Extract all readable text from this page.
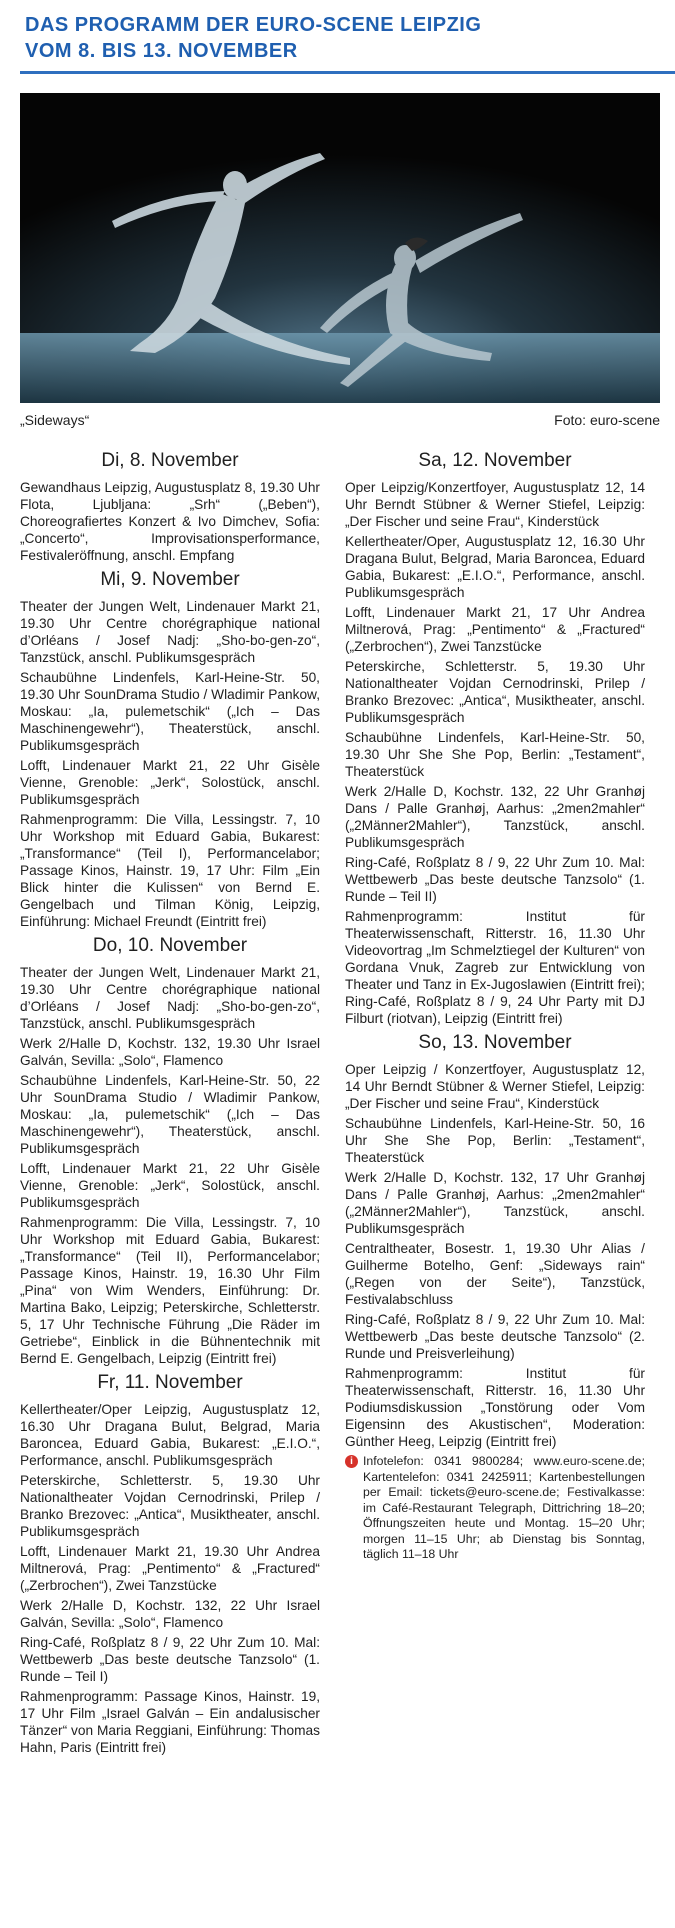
DAS PROGRAMM DER EURO-SCENE LEIPZIG
VOM 8. BIS 13. NOVEMBER
„Sideways“	Foto: euro-scene
Di, 8. November

Gewandhaus Leipzig, Augustusplatz 8, 19.30 Uhr Flota, Ljubljana: „Srh“ („Beben“), Choreografiertes Konzert & Ivo Dimchev, Sofia: „Concerto“, Improvisationsperformance, Festivaleröffnung, anschl. Empfang

Mi, 9. November

Theater der Jungen Welt, Lindenauer Markt 21, 19.30 Uhr Centre chorégraphique national d’Orléans / Josef Nadj: „Sho-bo-gen-zo“, Tanzstück, anschl. Publikumsgespräch

Schaubühne Lindenfels, Karl-Heine-Str. 50, 19.30 Uhr SounDrama Studio / Wladimir Pankow, Moskau: „Ia, pulemetschik“ („Ich – Das Maschinengewehr“), Theaterstück, anschl. Publikumsgespräch

Lofft, Lindenauer Markt 21, 22 Uhr Gisèle Vienne, Grenoble: „Jerk“, Solostück, anschl. Publikumsgespräch

Rahmenprogramm: Die Villa, Lessingstr. 7, 10 Uhr Workshop mit Eduard Gabia, Bukarest: „Transformance“ (Teil I), Performancelabor; Passage Kinos, Hainstr. 19, 17 Uhr: Film „Ein Blick hinter die Kulissen“ von Bernd E. Gengelbach und Tilman König, Leipzig, Einführung: Michael Freundt (Eintritt frei)

Do, 10. November

Theater der Jungen Welt, Lindenauer Markt 21, 19.30 Uhr Centre chorégraphique national d’Orléans / Josef Nadj: „Sho-bo-gen-zo“, Tanzstück, anschl. Publikumsgespräch

Werk 2/Halle D, Kochstr. 132, 19.30 Uhr Israel Galván, Sevilla: „Solo“, Flamenco

Schaubühne Lindenfels, Karl-Heine-Str. 50, 22 Uhr SounDrama Studio / Wladimir Pankow, Moskau: „Ia, pulemetschik“ („Ich – Das Maschinengewehr“), Theaterstück, anschl. Publikumsgespräch

Lofft, Lindenauer Markt 21, 22 Uhr Gisèle Vienne, Grenoble: „Jerk“, Solostück, anschl. Publikumsgespräch

Rahmenprogramm: Die Villa, Lessingstr. 7, 10 Uhr Workshop mit Eduard Gabia, Bukarest: „Transformance“ (Teil II), Performancelabor; Passage Kinos, Hainstr. 19, 16.30 Uhr Film „Pina“ von Wim Wenders, Einführung: Dr. Martina Bako, Leipzig; Peterskirche, Schletterstr. 5, 17 Uhr Technische Führung „Die Räder im Getriebe“, Einblick in die Bühnentechnik mit Bernd E. Gengelbach, Leipzig (Eintritt frei)

Fr, 11. November

Kellertheater/Oper Leipzig, Augustusplatz 12, 16.30 Uhr Dragana Bulut, Belgrad, Maria Baroncea, Eduard Gabia, Bukarest: „E.I.O.“, Performance, anschl. Publikumsgespräch

Peterskirche, Schletterstr. 5, 19.30 Uhr Nationaltheater Vojdan Cernodrinski, Prilep / Branko Brezovec: „Antica“, Musiktheater, anschl. Publikumsgespräch

Lofft, Lindenauer Markt 21, 19.30 Uhr Andrea Miltnerová, Prag: „Pentimento“ & „Fractured“ („Zerbrochen“), Zwei Tanzstücke

Werk 2/Halle D, Kochstr. 132, 22 Uhr Israel Galván, Sevilla: „Solo“, Flamenco

Ring-Café, Roßplatz 8 / 9, 22 Uhr Zum 10. Mal: Wettbewerb „Das beste deutsche Tanzsolo“ (1. Runde – Teil I)

Rahmenprogramm: Passage Kinos, Hainstr. 19, 17 Uhr Film „Israel Galván – Ein andalusischer Tänzer“ von Maria Reggiani, Einführung: Thomas Hahn, Paris (Eintritt frei)

Sa, 12. November

Oper Leipzig/Konzertfoyer, Augustusplatz 12, 14 Uhr Berndt Stübner & Werner Stiefel, Leipzig: „Der Fischer und seine Frau“, Kinderstück

Kellertheater/Oper, Augustusplatz 12, 16.30 Uhr Dragana Bulut, Belgrad, Maria Baroncea, Eduard Gabia, Bukarest: „E.I.O.“, Performance, anschl. Publikumsgespräch

Lofft, Lindenauer Markt 21, 17 Uhr Andrea Miltnerová, Prag: „Pentimento“ & „Fractured“ („Zerbrochen“), Zwei Tanzstücke

Peterskirche, Schletterstr. 5, 19.30 Uhr Nationaltheater Vojdan Cernodrinski, Prilep / Branko Brezovec: „Antica“, Musiktheater, anschl. Publikumsgespräch

Schaubühne Lindenfels, Karl-Heine-Str. 50, 19.30 Uhr She She Pop, Berlin: „Testament“, Theaterstück

Werk 2/Halle D, Kochstr. 132, 22 Uhr Granhøj Dans / Palle Granhøj, Aarhus: „2men2mahler“ („2Männer2Mahler“), Tanzstück, anschl. Publikumsgespräch

Ring-Café, Roßplatz 8 / 9, 22 Uhr Zum 10. Mal: Wettbewerb „Das beste deutsche Tanzsolo“ (1. Runde – Teil II)

Rahmenprogramm: Institut für Theaterwissenschaft, Ritterstr. 16, 11.30 Uhr Videovortrag „Im Schmelztiegel der Kulturen“ von Gordana Vnuk, Zagreb zur Entwicklung von Theater und Tanz in Ex-Jugoslawien (Eintritt frei); Ring-Café, Roßplatz 8 / 9, 24 Uhr Party mit DJ Filburt (riotvan), Leipzig (Eintritt frei)

So, 13. November

Oper Leipzig / Konzertfoyer, Augustusplatz 12, 14 Uhr Berndt Stübner & Werner Stiefel, Leipzig: „Der Fischer und seine Frau“, Kinderstück

Schaubühne Lindenfels, Karl-Heine-Str. 50, 16 Uhr She She Pop, Berlin: „Testament“, Theaterstück

Werk 2/Halle D, Kochstr. 132, 17 Uhr Granhøj Dans / Palle Granhøj, Aarhus: „2men2mahler“ („2Männer2Mahler“), Tanzstück, anschl. Publikumsgespräch

Centraltheater, Bosestr. 1, 19.30 Uhr Alias / Guilherme Botelho, Genf: „Sideways rain“ („Regen von der Seite“), Tanzstück, Festivalabschluss

Ring-Café, Roßplatz 8 / 9, 22 Uhr Zum 10. Mal: Wettbewerb „Das beste deutsche Tanzsolo“ (2. Runde und Preisverleihung)

Rahmenprogramm: Institut für Theaterwissenschaft, Ritterstr. 16, 11.30 Uhr Podiumsdiskussion „Tonstörung oder Vom Eigensinn des Akustischen“, Moderation: Günther Heeg, Leipzig (Eintritt frei)

i Infotelefon: 0341 9800284; www.euro-scene.de; Kartentelefon: 0341 2425911; Kartenbestellungen per Email: tickets@euro-scene.de; Festivalkasse: im Café-Restaurant Telegraph, Dittrichring 18–20; Öffnungszeiten heute und Montag. 15–20 Uhr; morgen 11–15 Uhr; ab Dienstag bis Sonntag, täglich 11–18 Uhr
